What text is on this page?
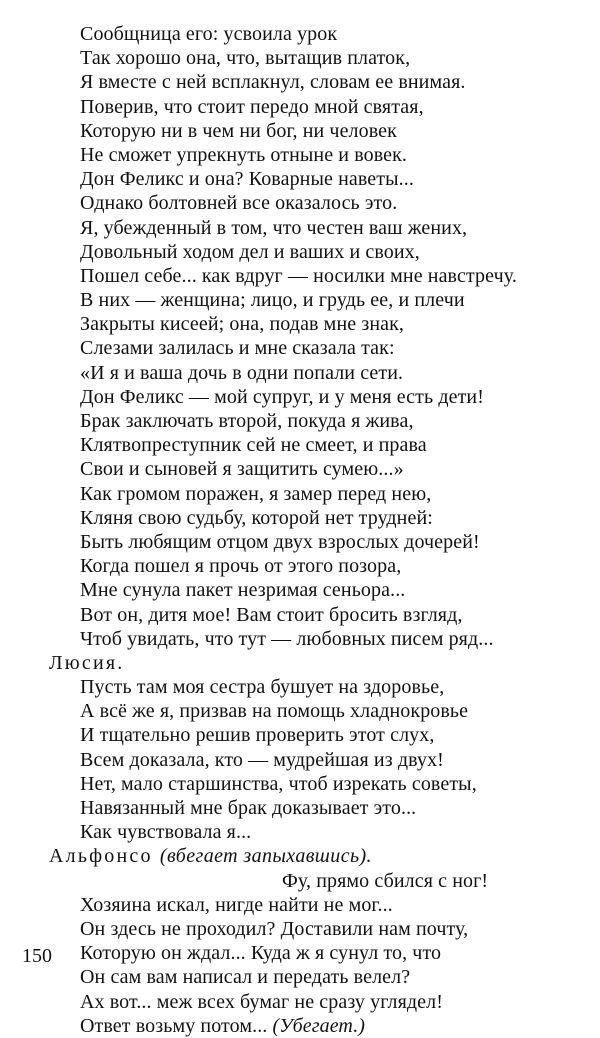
Сообщница его: усвоила урок
Так хорошо она, что, вытащив платок,
Я вместе с ней всплакнул, словам ее внимая.
Поверив, что стоит передо мной святая,
Которую ни в чем ни бог, ни человек
Не сможет упрекнуть отныне и вовек.
Дон Феликс и она? Коварные наветы...
Однако болтовней все оказалось это.
Я, убежденный в том, что честен ваш жених,
Довольный ходом дел и ваших и своих,
Пошел себе... как вдруг — носилки мне навстречу.
В них — женщина; лицо, и грудь ее, и плечи
Закрыты кисеей; она, подав мне знак,
Слезами залилась и мне сказала так:
«И я и ваша дочь в одни попали сети.
Дон Феликс — мой супруг, и у меня есть дети!
Брак заключать второй, покуда я жива,
Клятвопреступник сей не смеет, и права
Свои и сыновей я защитить сумею...»
Как громом поражен, я замер перед нею,
Кляня свою судьбу, которой нет трудней:
Быть любящим отцом двух взрослых дочерей!
Когда пошел я прочь от этого позора,
Мне сунула пакет незримая сеньора...
Вот он, дитя мое! Вам стоит бросить взгляд,
Чтоб увидать, что тут — любовных писем ряд...
Люсия.
Пусть там моя сестра бушует на здоровье,
А всё же я, призвав на помощь хладнокровье
И тщательно решив проверить этот слух,
Всем доказала, кто — мудрейшая из двух!
Нет, мало старшинства, чтоб изрекать советы,
Навязанный мне брак доказывает это...
Как чувствовала я...
Альфонсо (вбегает запыхавшись).
Фу, прямо сбился с ног!
Хозяина искал, нигде найти не мог...
Он здесь не проходил? Доставили нам почту,
Которую он ждал... Куда ж я сунул то, что
Он сам вам написал и передать велел?
Ах вот... меж всех бумаг не сразу углядел!
Ответ возьму потом... (Убегает.)
150
